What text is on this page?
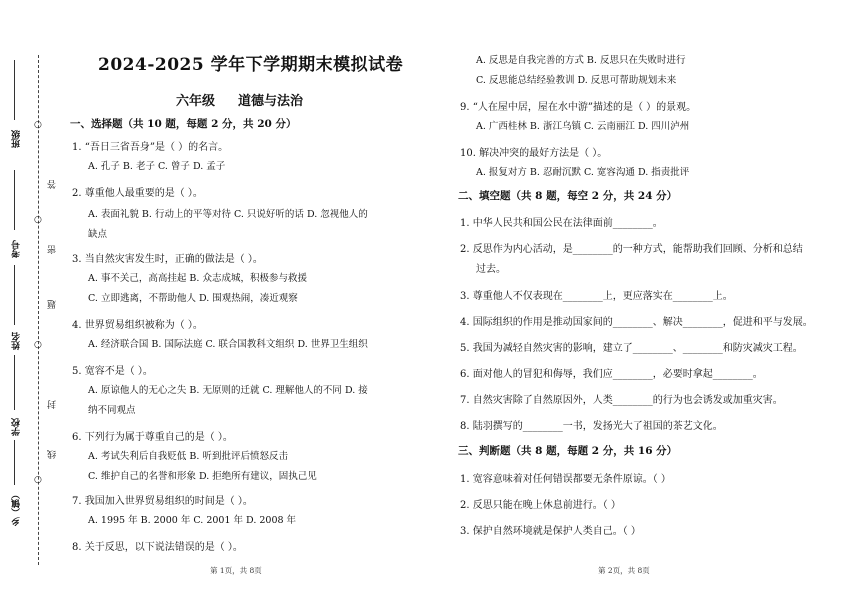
班级
考号
姓名
学校
乡（镇）
○
答
○
密
题
○
封
线
○
2024-2025 学年下学期期末模拟试卷
六年级 道德与法治
一、选择题（共 10 题，每题 2 分，共 20 分）
1. “吾日三省吾身”是（ ）的名言。
A. 孔子 B. 老子 C. 曾子 D. 孟子
2. 尊重他人最重要的是（ ）。
A. 表面礼貌 B. 行动上的平等对待 C. 只说好听的话 D. 忽视他人的
缺点
3. 当自然灾害发生时，正确的做法是（ ）。
A. 事不关己，高高挂起 B. 众志成城，积极参与救援
C. 立即逃离，不帮助他人 D. 围观热闹，凑近观察
4. 世界贸易组织被称为（ ）。
A. 经济联合国 B. 国际法庭 C. 联合国教科文组织 D. 世界卫生组织
5. 宽容不是（ ）。
A. 原谅他人的无心之失 B. 无原则的迁就 C. 理解他人的不同 D. 接
纳不同观点
6. 下列行为属于尊重自己的是（ ）。
A. 考试失利后自我贬低 B. 听到批评后愤怒反击
C. 维护自己的名誉和形象 D. 拒绝所有建议，固执己见
7. 我国加入世界贸易组织的时间是（ ）。
A. 1995 年 B. 2000 年 C. 2001 年 D. 2008 年
8. 关于反思，以下说法错误的是（ ）。
第 1页，共 8页
A. 反思是自我完善的方式 B. 反思只在失败时进行
C. 反思能总结经验教训 D. 反思可帮助规划未来
9. “人在屋中居，屋在水中游”描述的是（ ）的景观。
A. 广西桂林 B. 浙江乌镇 C. 云南丽江 D. 四川泸州
10. 解决冲突的最好方法是（ ）。
A. 报复对方 B. 忍耐沉默 C. 宽容沟通 D. 指责批评
二、填空题（共 8 题，每空 2 分，共 24 分）
1. 中华人民共和国公民在法律面前________。
2. 反思作为内心活动，是________的一种方式，能帮助我们回顾、分析和总结
过去。
3. 尊重他人不仅表现在________上，更应落实在________上。
4. 国际组织的作用是推动国家间的________、解决________，促进和平与发展。
5. 我国为减轻自然灾害的影响，建立了________、________和防灾减灾工程。
6. 面对他人的冒犯和侮辱，我们应________，必要时拿起________。
7. 自然灾害除了自然原因外，人类________的行为也会诱发或加重灾害。
8. 陆羽撰写的________一书，发扬光大了祖国的茶艺文化。
三、判断题（共 8 题，每题 2 分，共 16 分）
1. 宽容意味着对任何错误都要无条件原谅。（ ）
2. 反思只能在晚上休息前进行。（ ）
3. 保护自然环境就是保护人类自己。（ ）
第 2页，共 8页
